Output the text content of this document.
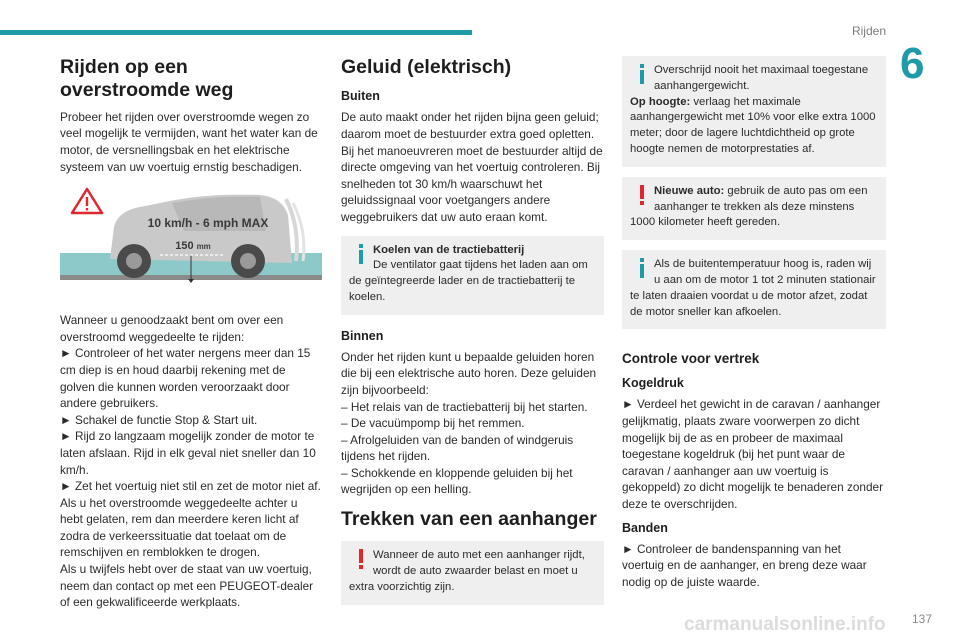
Rijden
6
Rijden op een overstroomde weg

Probeer het rijden over overstroomde wegen zo veel mogelijk te vermijden, want het water kan de motor, de versnellingsbak en het elektrische systeem van uw voertuig ernstig beschadigen.

10 km/h - 6 mph MAX
150 mm

Wanneer u genoodzaakt bent om over een overstroomd weggedeelte te rijden:

► Controleer of het water nergens meer dan 15 cm diep is en houd daarbij rekening met de golven die kunnen worden veroorzaakt door andere gebruikers.

► Schakel de functie Stop & Start uit.

► Rijd zo langzaam mogelijk zonder de motor te laten afslaan. Rijd in elk geval niet sneller dan 10 km/h.

► Zet het voertuig niet stil en zet de motor niet af.

Als u het overstroomde weggedeelte achter u hebt gelaten, rem dan meerdere keren licht af zodra de verkeerssituatie dat toelaat om de remschijven en remblokken te drogen.

Als u twijfels hebt over de staat van uw voertuig, neem dan contact op met een PEUGEOT-dealer of een gekwalificeerde werkplaats.

Geluid (elektrisch)
Buiten

De auto maakt onder het rijden bijna geen geluid; daarom moet de bestuurder extra goed opletten. Bij het manoeuvreren moet de bestuurder altijd de directe omgeving van het voertuig controleren. Bij snelheden tot 30 km/h waarschuwt het geluidssignaal voor voetgangers andere weggebruikers dat uw auto eraan komt.

Koelen van de tractiebatterij
De ventilator gaat tijdens het laden aan om
de geïntegreerde lader en de tractiebatterij te koelen.

Binnen

Onder het rijden kunt u bepaalde geluiden horen die bij een elektrische auto horen. Deze geluiden zijn bijvoorbeeld:

– Het relais van de tractiebatterij bij het starten.

– De vacuümpomp bij het remmen.

– Afrolgeluiden van de banden of windgeruis tijdens het rijden.

– Schokkende en kloppende geluiden bij het wegrijden op een helling.

Trekken van een aanhanger

Wanneer de auto met een aanhanger rijdt, wordt de auto zwaarder belast en moet u
extra voorzichtig zijn.

Overschrijd nooit het maximaal toegestane aanhangergewicht.
Op hoogte: verlaag het maximale aanhangergewicht met 10% voor elke extra 1000 meter; door de lagere luchtdichtheid op grote hoogte nemen de motorprestaties af.

Nieuwe auto: gebruik de auto pas om een aanhanger te trekken als deze minstens
1000 kilometer heeft gereden.

Als de buitentemperatuur hoog is, raden wij u aan om de motor 1 tot 2 minuten stationair
te laten draaien voordat u de motor afzet, zodat de motor sneller kan afkoelen.

Controle voor vertrek
Kogeldruk

► Verdeel het gewicht in de caravan / aanhanger gelijkmatig, plaats zware voorwerpen zo dicht mogelijk bij de as en probeer de maximaal toegestane kogeldruk (bij het punt waar de caravan / aanhanger aan uw voertuig is gekoppeld) zo dicht mogelijk te benaderen zonder deze te overschrijden.

Banden

► Controleer de bandenspanning van het voertuig en de aanhanger, en breng deze waar nodig op de juiste waarde.

carmanualsonline.info 137
